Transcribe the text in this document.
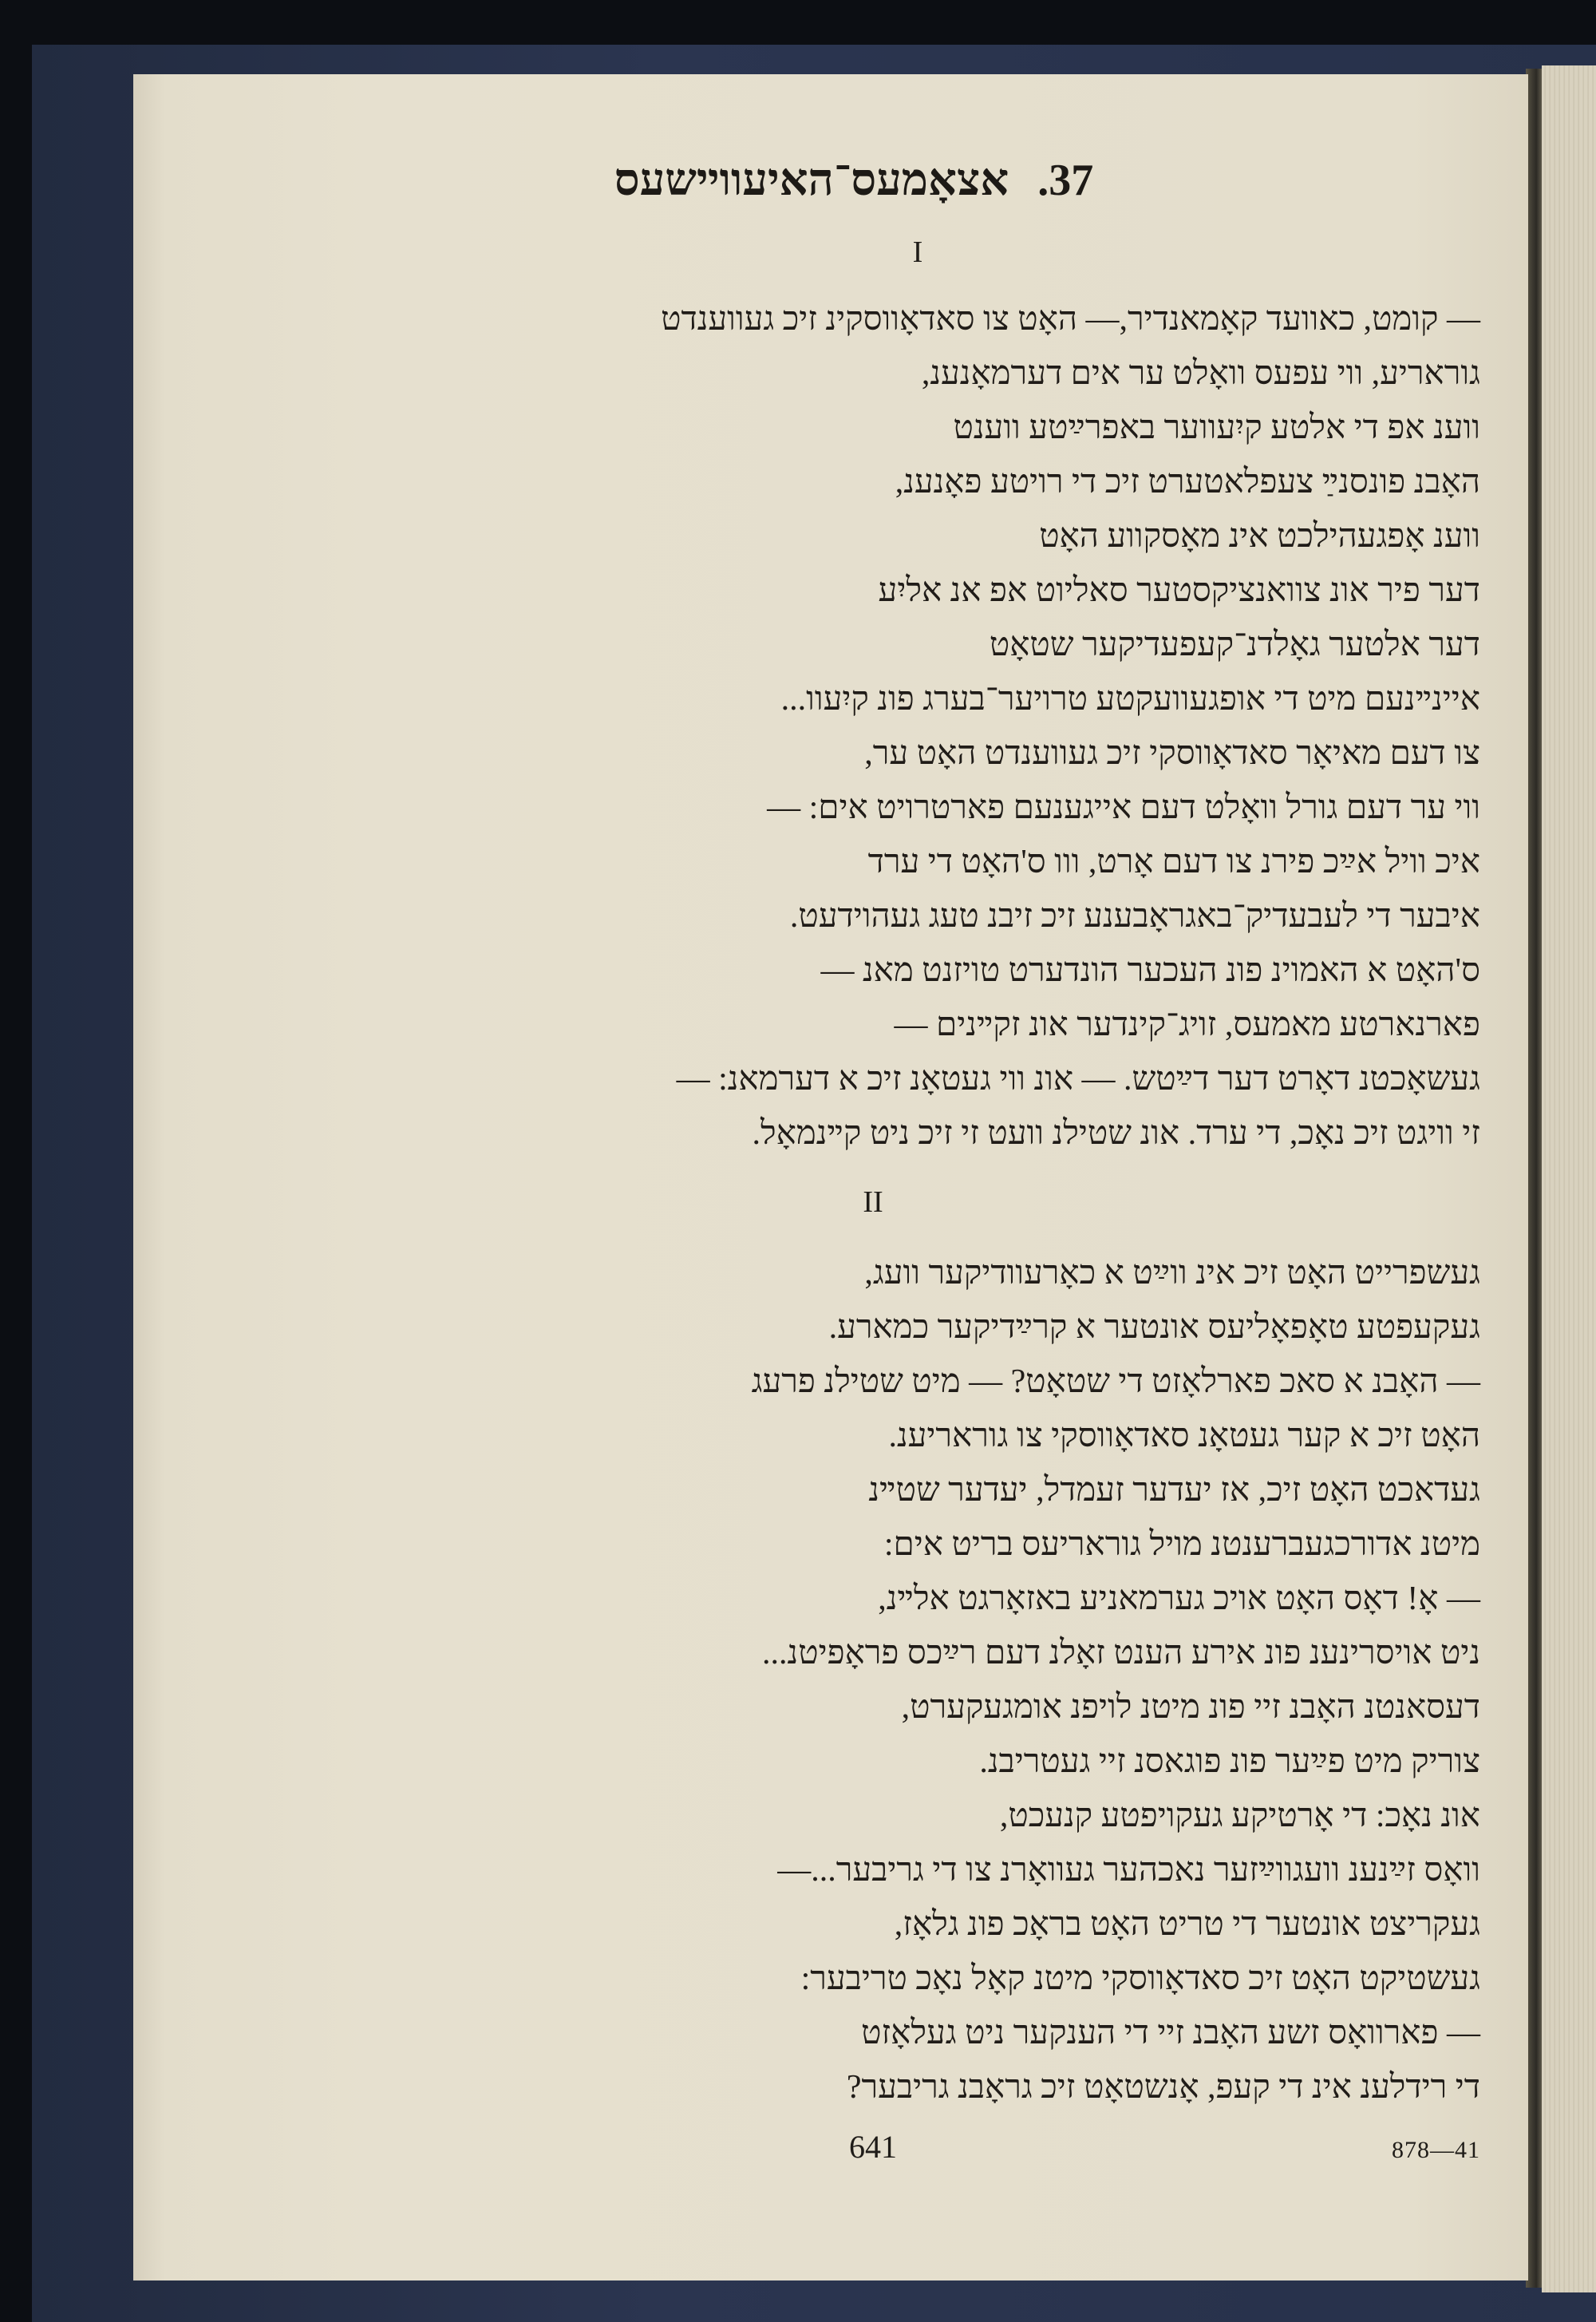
37. אצאָמעס־האיעווײשעס
I
— קומט, כאוועד קאָמאנדיר,— האָט צו סאדאָווסקינ זיכ געווענדט
גוראריע, ווי עפעס וואָלט ער אים דערמאָנענ,
ווענ אפ די אלטע קיִעווער באפרײַטע ווענט
האָבנ פונסנײַ צעפלאטערט זיכ די רויטע פאָנענ,
ווענ אָפגעהילכט אינ מאָסקווע האָט
דער פיר אונ צוואנציקסטער סאליוט אפ אנ אליִע
דער אלטער גאָלדנ־קעפעדיקער שטאָט
איינײנעם מיט די אופגעוועקטע טרויער־בערג פונ קיִעוו...
צו דעם מאיאָר סאדאָווסקי זיכ געווענדט האָט ער,
ווי ער דעם גורל וואָלט דעם אייגענעם פארטרויט אים: —
איכ וויל אײַכ פירנ צו דעם אָרט, ווו ס'האָט די ערד
איבער די לעבעדיק־באגראָבענע זיכ זיבנ טעג געהוידעט.
ס'האָט א האמוינ פונ העכער הונדערט טויזנט מאנ —
פארנארטע מאמעס, זויג־קינדער אונ זקײנים —
געשאָכטנ דאָרט דער דײַטש. — אונ ווי געטאָנ זיכ א דערמאנ: —
זי וויגט זיכ נאָכ, די ערד. אונ שטילנ וועט זי זיכ ניט קײנמאָל.
II
געשפרייט האָט זיכ אינ ווײַט א כאָרעוודיקער וועג,
געקעפטע טאָפאָליעס אונטער א קרײַדיקער כמארע.
— האָבנ א סאכ פארלאָזט די שטאָט? — מיט שטילנ פרעג
האָט זיכ א קער געטאָנ סאדאָווסקי צו גוראריענ.
געדאכט האָט זיכ, אז יעדער זעמדל, יעדער שטײנ
מיטנ אדורכגעברענטנ מויל גוראריעס בריט אים:
— אָ! דאָס האָט אויכ גערמאניע באזאָרגט אלײנ,
ניט אויסרינענ פונ אירע הענט זאָלנ דעם רײַכס פראָפיטנ...
דעסאנטנ האָבנ זיי פונ מיטנ לויפנ אומגעקערט,
צוריק מיט פײַער פונ פוגאסנ זיי געטריבנ.
אונ נאָכ: די אָרטיקע געקויפטע קנעכט,
וואָס זײַנענ וועגווײַזער נאכהער געוואָרנ צו די גריבער...—
געקריצט אונטער די טריט האָט בראָכ פונ גלאָז,
געשטיקט האָט זיכ סאדאָווסקי מיטנ קאָל נאָכ טריבער:
— פארוואָס זשע האָבנ זיי די הענקער ניט געלאָזט
די רידלענ אינ די קעפ, אָנשטאָט זיכ גראָבנ גריבער?
641	878—41
